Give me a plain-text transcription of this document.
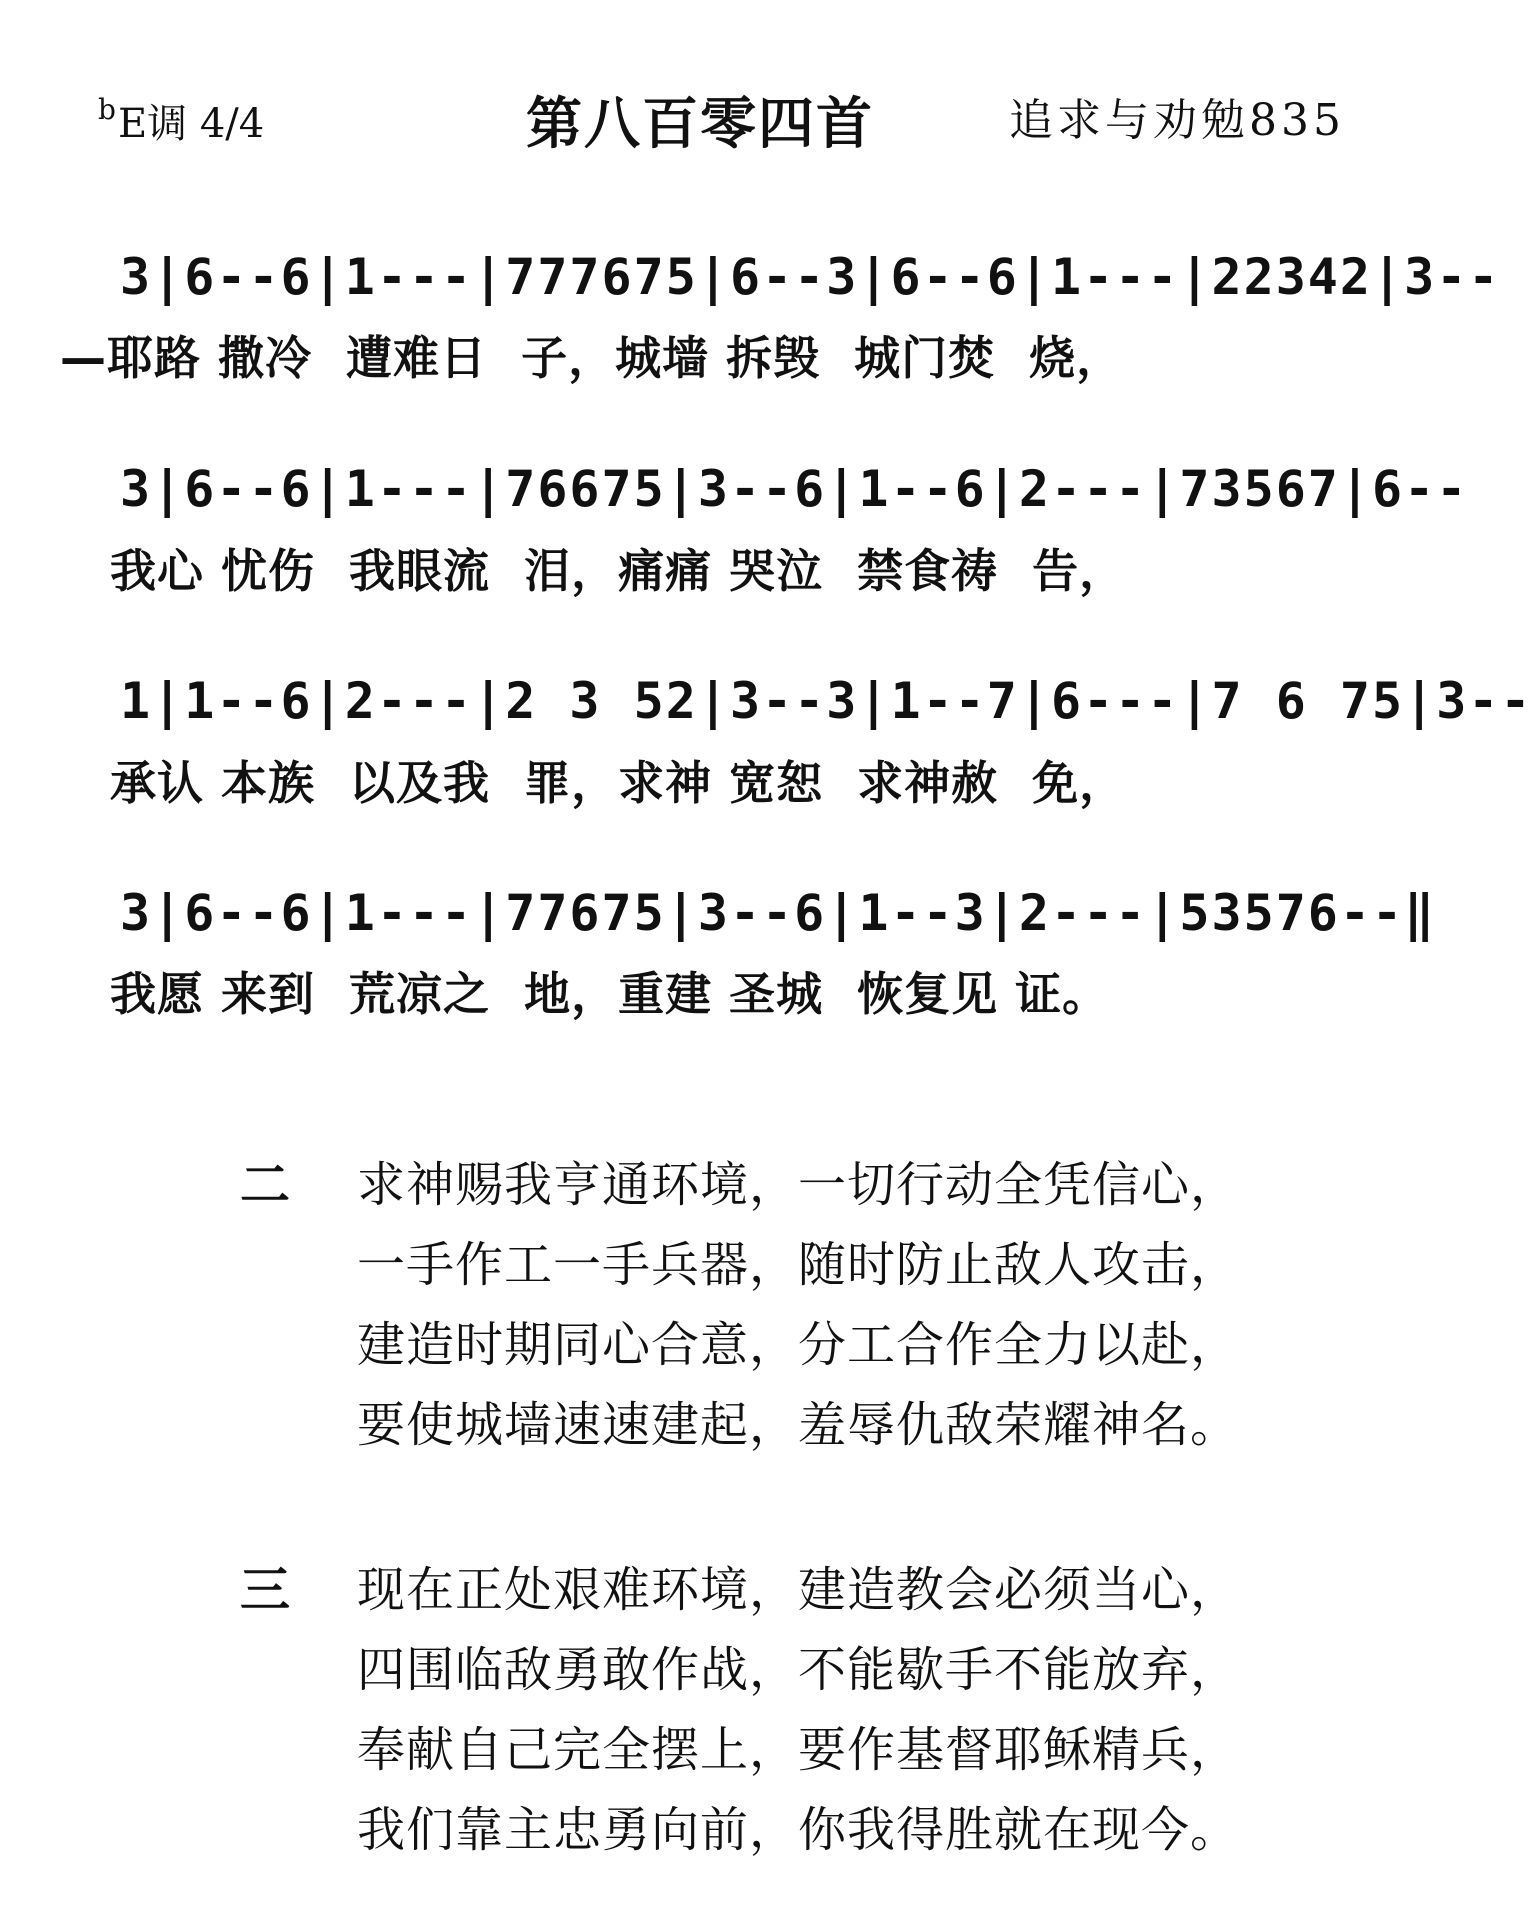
$^b$E调 4/4	第八百零四首	追求与劝勉835
3|6--6|1---|777675|6--3|6--6|1---|22342|3--
—耶路 撒冷  遭难日  子，城墙 拆毁  城门焚  烧，
3|6--6|1---|76675|3--6|1--6|2---|73567|6--
我心 忧伤  我眼流  泪，痛痛 哭泣  禁食祷  告，
1|1--6|2---|2 3 52|3--3|1--7|6---|7 6 75|3--
承认 本族  以及我  罪，求神 宽恕  求神赦  免，
3|6--6|1---|77675|3--6|1--3|2---|53576--‖
我愿 来到  荒凉之  地，重建 圣城  恢复见 证。
二 求神赐我亨通环境，一切行动全凭信心，
一手作工一手兵器，随时防止敌人攻击，
建造时期同心合意，分工合作全力以赴，
要使城墙速速建起，羞辱仇敌荣耀神名。
三 现在正处艰难环境，建造教会必须当心，
四围临敌勇敢作战，不能歇手不能放弃，
奉献自己完全摆上，要作基督耶稣精兵，
我们靠主忠勇向前，你我得胜就在现今。
